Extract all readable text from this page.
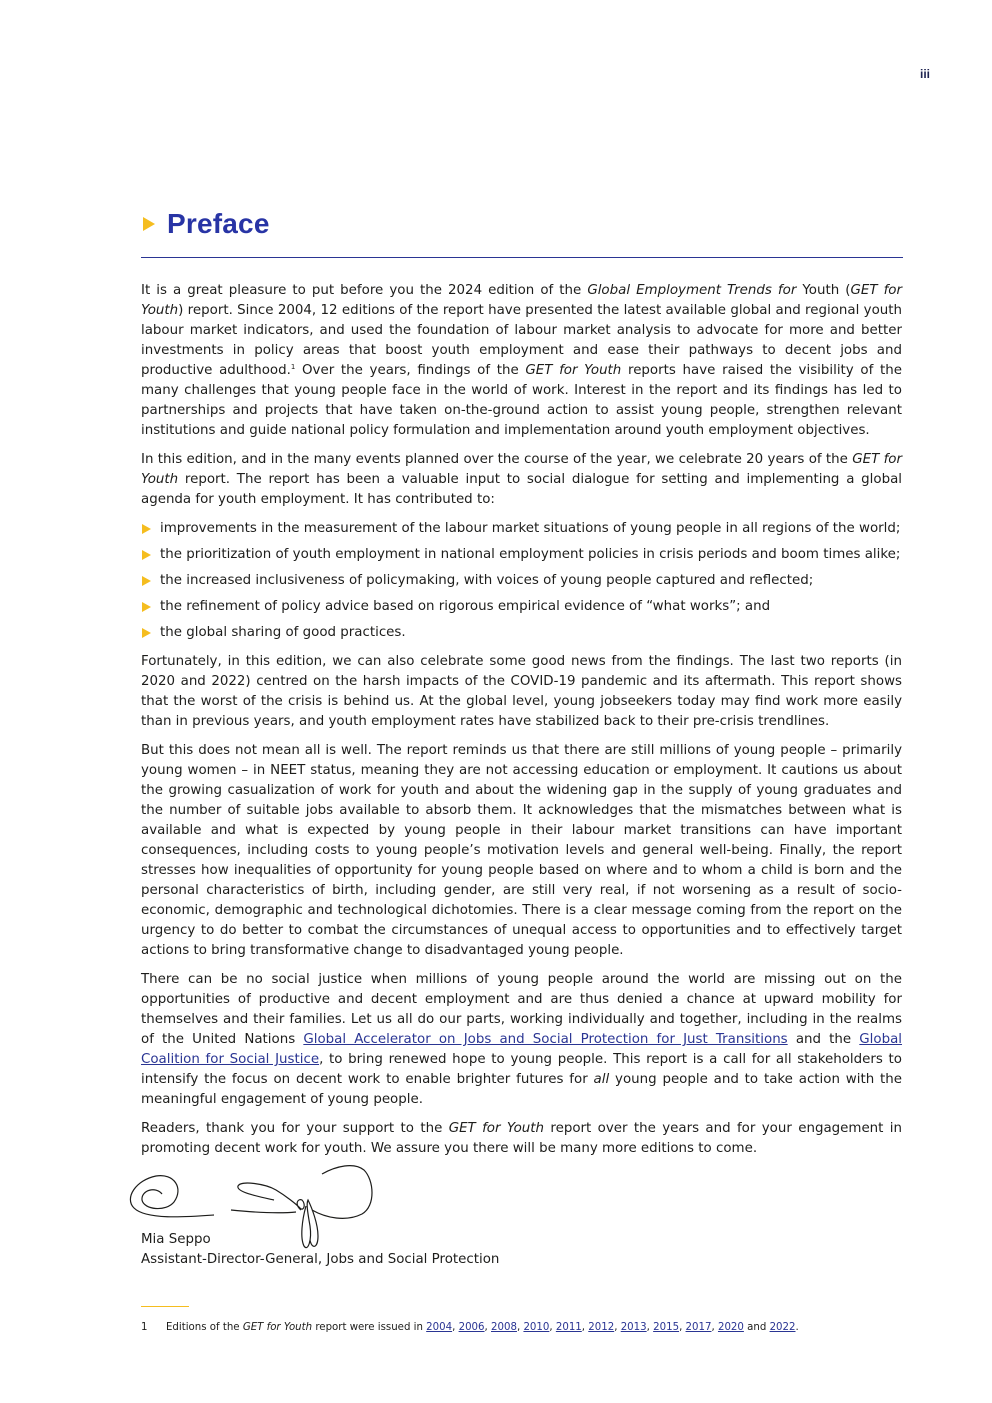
iii
Preface

It is a great pleasure to put before you the 2024 edition of the Global Employment Trends for Youth (GET for Youth) report. Since 2004, 12 editions of the report have presented the latest available global and regional youth labour market indicators, and used the foundation of labour market analysis to advocate for more and better investments in policy areas that boost youth employment and ease their pathways to decent jobs and productive adulthood.$^1$ Over the years, findings of the GET for Youth reports have raised the visibility of the many challenges that young people face in the world of work. Interest in the report and its findings has led to partnerships and projects that have taken on-the-ground action to assist young people, strengthen relevant institutions and guide national policy formulation and implementation around youth employment objectives.

In this edition, and in the many events planned over the course of the year, we celebrate 20 years of the GET for Youth report. The report has been a valuable input to social dialogue for setting and implementing a global agenda for youth employment. It has contributed to:

improvements in the measurement of the labour market situations of young people in all regions of the world;
the prioritization of youth employment in national employment policies in crisis periods and boom times alike;
the increased inclusiveness of policymaking, with voices of young people captured and reflected;
the refinement of policy advice based on rigorous empirical evidence of “what works”; and
the global sharing of good practices.

Fortunately, in this edition, we can also celebrate some good news from the findings. The last two reports (in 2020 and 2022) centred on the harsh impacts of the COVID-19 pandemic and its aftermath. This report shows that the worst of the crisis is behind us. At the global level, young jobseekers today may find work more easily than in previous years, and youth employment rates have stabilized back to their pre-crisis trendlines.

But this does not mean all is well. The report reminds us that there are still millions of young people – primarily young women – in NEET status, meaning they are not accessing education or employment. It cautions us about the growing casualization of work for youth and about the widening gap in the supply of young graduates and the number of suitable jobs available to absorb them. It acknowledges that the mismatches between what is available and what is expected by young people in their labour market transitions can have important consequences, including costs to young people’s motivation levels and general well-being. Finally, the report stresses how inequalities of opportunity for young people based on where and to whom a child is born and the personal characteristics of birth, including gender, are still very real, if not worsening as a result of socio-economic, demographic and technological dichotomies. There is a clear message coming from the report on the urgency to do better to combat the circumstances of unequal access to opportunities and to effectively target actions to bring transformative change to disadvantaged young people.

There can be no social justice when millions of young people around the world are missing out on the opportunities of productive and decent employment and are thus denied a chance at upward mobility for themselves and their families. Let us all do our parts, working individually and together, including in the realms of the United Nations Global Accelerator on Jobs and Social Protection for Just Transitions and the Global Coalition for Social Justice, to bring renewed hope to young people. This report is a call for all stakeholders to intensify the focus on decent work to enable brighter futures for all young people and to take action with the meaningful engagement of young people.

Readers, thank you for your support to the GET for Youth report over the years and for your engagement in promoting decent work for youth. We assure you there will be many more editions to come.

Mia Seppo
Assistant-Director-General, Jobs and Social Protection
1	Editions of the GET for Youth report were issued in 2004, 2006, 2008, 2010, 2011, 2012, 2013, 2015, 2017, 2020 and 2022.
